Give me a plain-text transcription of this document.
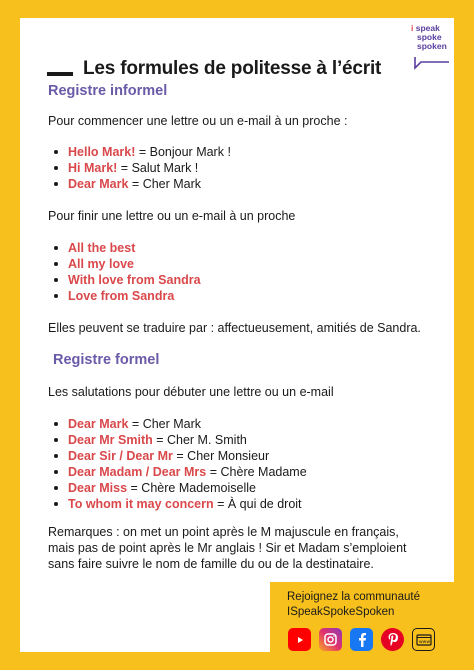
Les formules de politesse à l’écrit
i speak
spoke
spoken
Registre informel
Pour commencer une lettre ou un e-mail à un proche :
Hello Mark! = Bonjour Mark !
Hi Mark! = Salut Mark !
Dear Mark = Cher Mark
Pour finir une lettre ou un e-mail à un proche
All the best
All my love
With love from Sandra
Love from Sandra
Elles peuvent se traduire par : affectueusement, amitiés de Sandra.
Registre formel
Les salutations pour débuter une lettre ou un e-mail
Dear Mark = Cher Mark
Dear Mr Smith = Cher M. Smith
Dear Sir / Dear Mr = Cher Monsieur
Dear Madam / Dear Mrs = Chère Madame
Dear Miss = Chère Mademoiselle
To whom it may concern = À qui de droit
Remarques : on met un point après le M majuscule en français,
mais pas de point après le Mr anglais ! Sir et Madam s’emploient
sans faire suivre le nom de famille du ou de la destinataire.
Rejoignez la communauté
ISpeakSpokeSpoken
www
